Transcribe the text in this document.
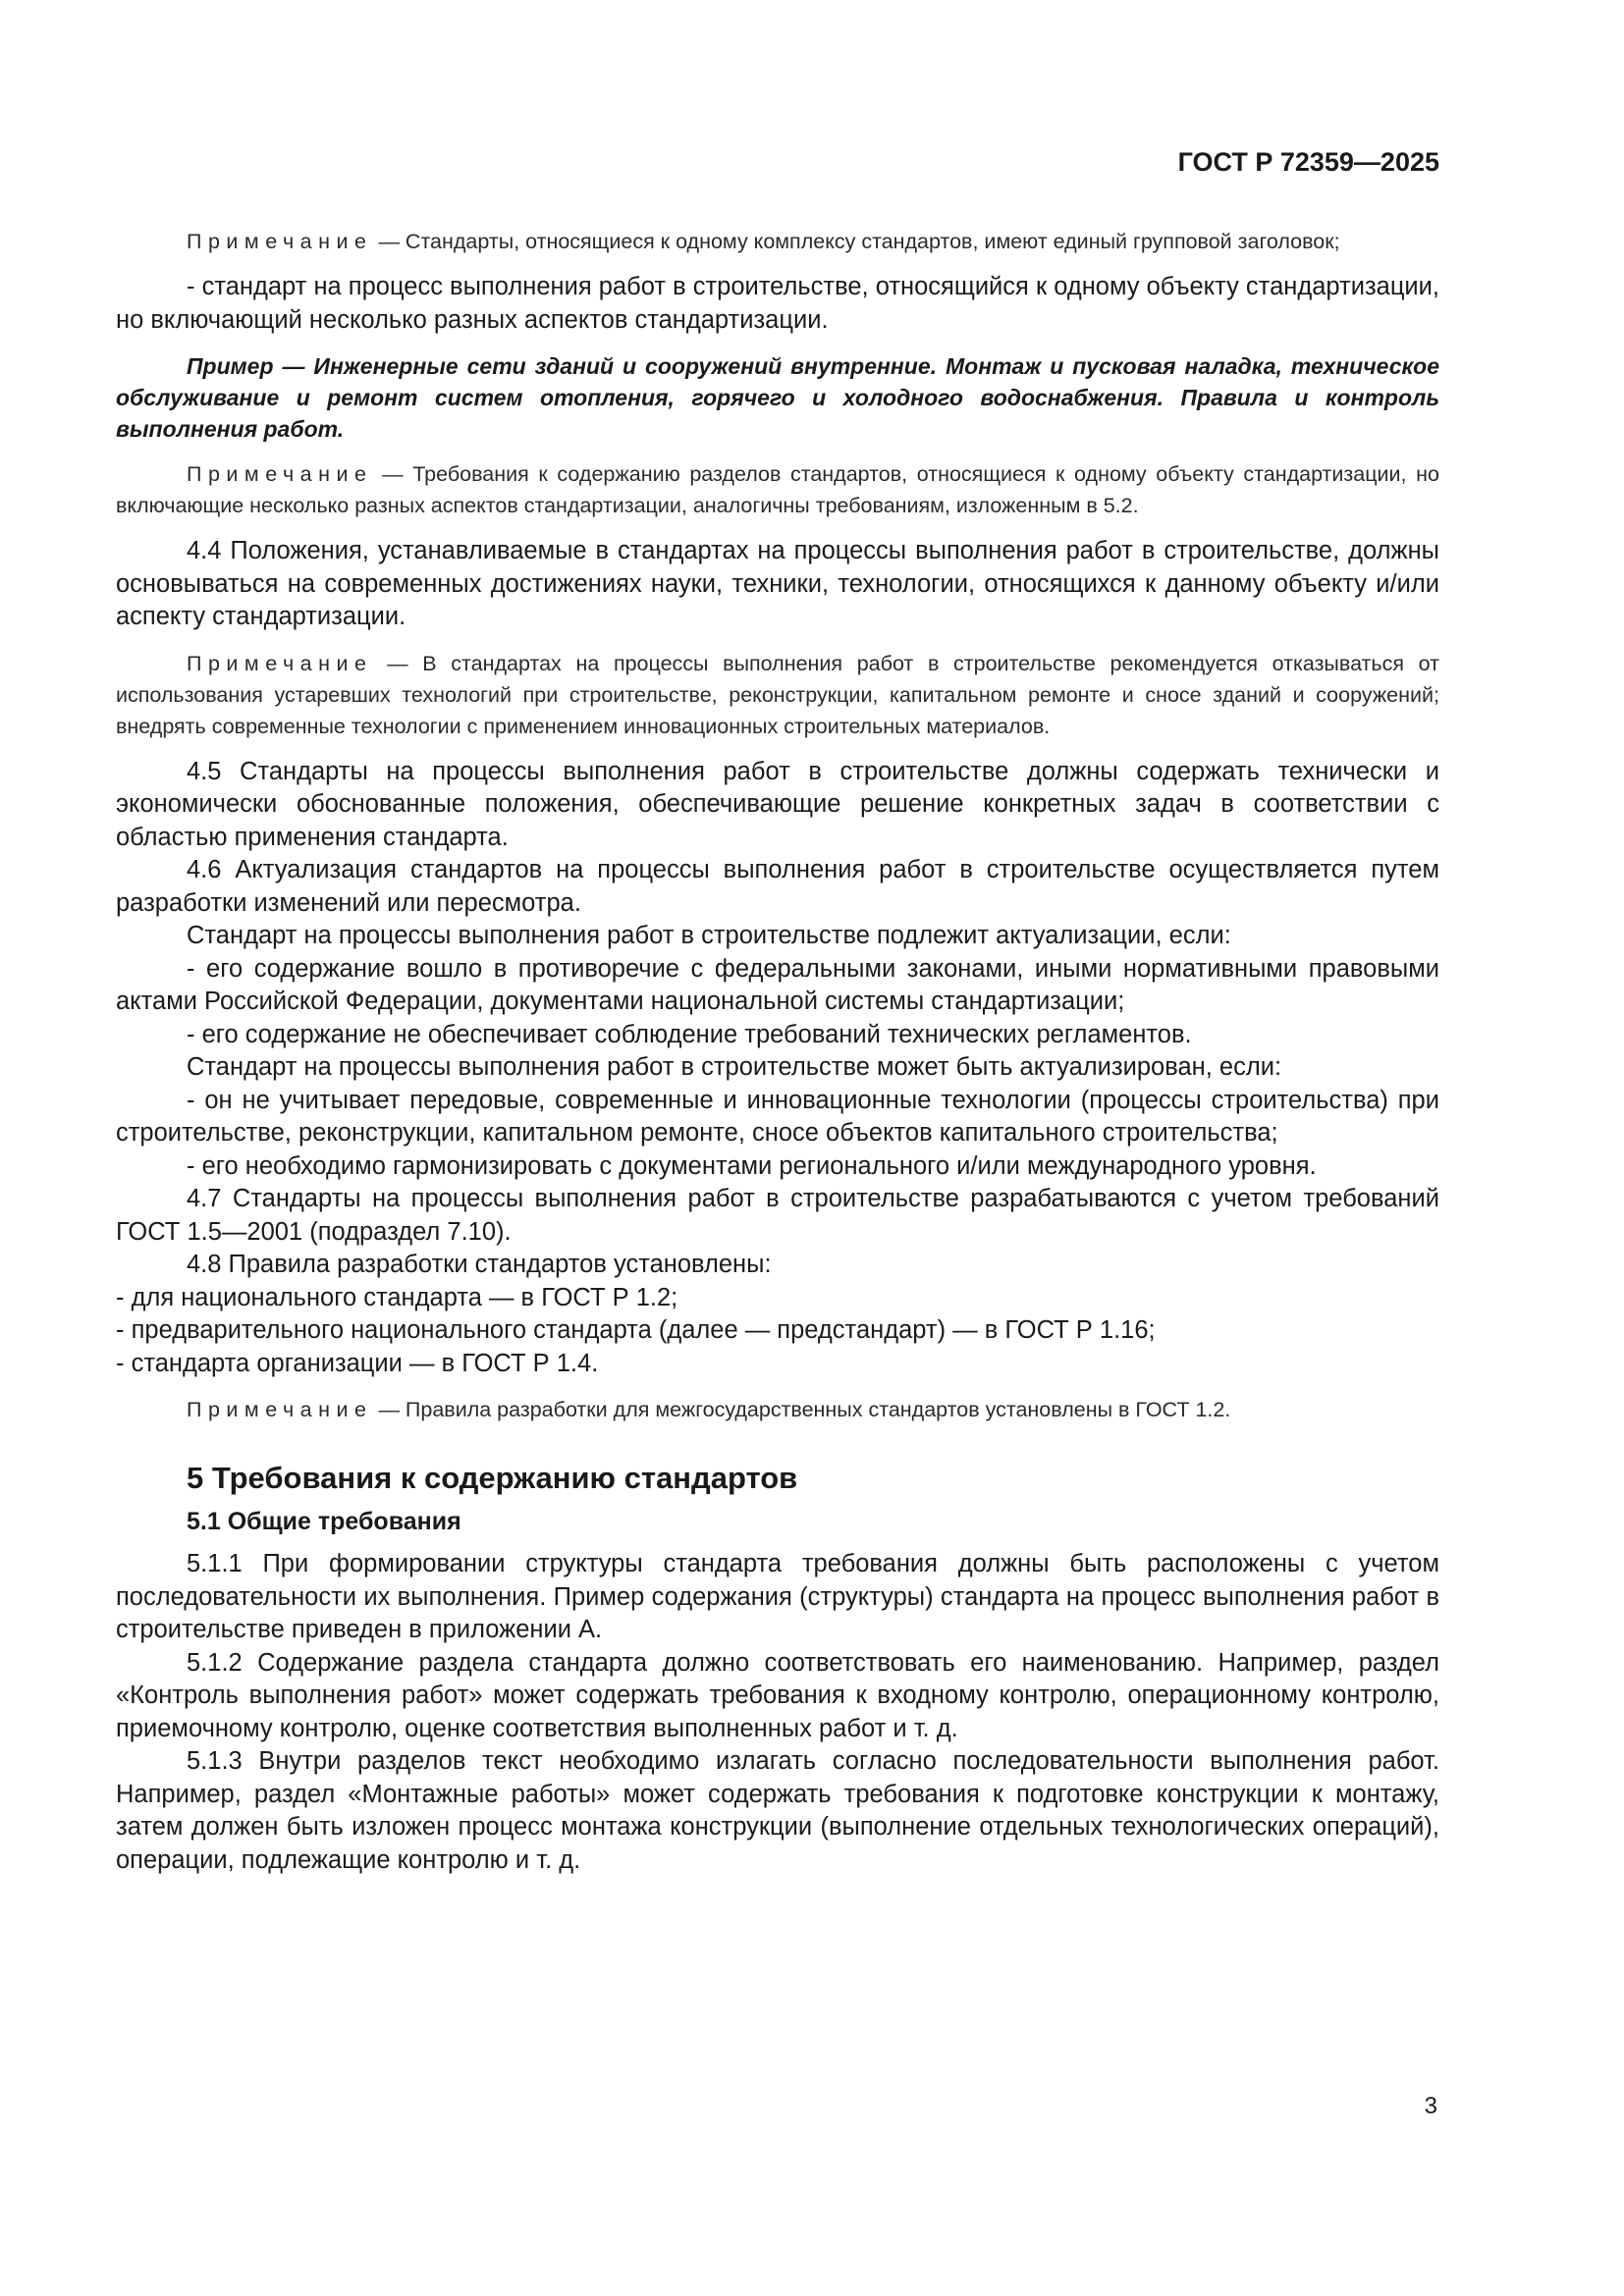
ГОСТ Р 72359—2025

Примечание — Стандарты, относящиеся к одному комплексу стандартов, имеют единый групповой заголовок;

- стандарт на процесс выполнения работ в строительстве, относящийся к одному объекту стандартизации, но включающий несколько разных аспектов стандартизации.

Пример — Инженерные сети зданий и сооружений внутренние. Монтаж и пусковая наладка, техническое обслуживание и ремонт систем отопления, горячего и холодного водоснабжения. Правила и контроль выполнения работ.

Примечание — Требования к содержанию разделов стандартов, относящиеся к одному объекту стандартизации, но включающие несколько разных аспектов стандартизации, аналогичны требованиям, изложенным в 5.2.

4.4 Положения, устанавливаемые в стандартах на процессы выполнения работ в строительстве, должны основываться на современных достижениях науки, техники, технологии, относящихся к данному объекту и/или аспекту стандартизации.

Примечание — В стандартах на процессы выполнения работ в строительстве рекомендуется отказываться от использования устаревших технологий при строительстве, реконструкции, капитальном ремонте и сносе зданий и сооружений; внедрять современные технологии с применением инновационных строительных материалов.

4.5 Стандарты на процессы выполнения работ в строительстве должны содержать технически и экономически обоснованные положения, обеспечивающие решение конкретных задач в соответствии с областью применения стандарта.

4.6 Актуализация стандартов на процессы выполнения работ в строительстве осуществляется путем разработки изменений или пересмотра.

Стандарт на процессы выполнения работ в строительстве подлежит актуализации, если:

- его содержание вошло в противоречие с федеральными законами, иными нормативными правовыми актами Российской Федерации, документами национальной системы стандартизации;

- его содержание не обеспечивает соблюдение требований технических регламентов.

Стандарт на процессы выполнения работ в строительстве может быть актуализирован, если:

- он не учитывает передовые, современные и инновационные технологии (процессы строительства) при строительстве, реконструкции, капитальном ремонте, сносе объектов капитального строительства;

- его необходимо гармонизировать с документами регионального и/или международного уровня.

4.7 Стандарты на процессы выполнения работ в строительстве разрабатываются с учетом требований ГОСТ 1.5—2001 (подраздел 7.10).

4.8 Правила разработки стандартов установлены:

- для национального стандарта — в ГОСТ Р 1.2;

- предварительного национального стандарта (далее — предстандарт) — в ГОСТ Р 1.16;

- стандарта организации — в ГОСТ Р 1.4.

Примечание — Правила разработки для межгосударственных стандартов установлены в ГОСТ 1.2.

5 Требования к содержанию стандартов
5.1 Общие требования

5.1.1 При формировании структуры стандарта требования должны быть расположены с учетом последовательности их выполнения. Пример содержания (структуры) стандарта на процесс выполнения работ в строительстве приведен в приложении А.

5.1.2 Содержание раздела стандарта должно соответствовать его наименованию. Например, раздел «Контроль выполнения работ» может содержать требования к входному контролю, операционному контролю, приемочному контролю, оценке соответствия выполненных работ и т. д.

5.1.3 Внутри разделов текст необходимо излагать согласно последовательности выполнения работ. Например, раздел «Монтажные работы» может содержать требования к подготовке конструкции к монтажу, затем должен быть изложен процесс монтажа конструкции (выполнение отдельных технологических операций), операции, подлежащие контролю и т. д.

3
